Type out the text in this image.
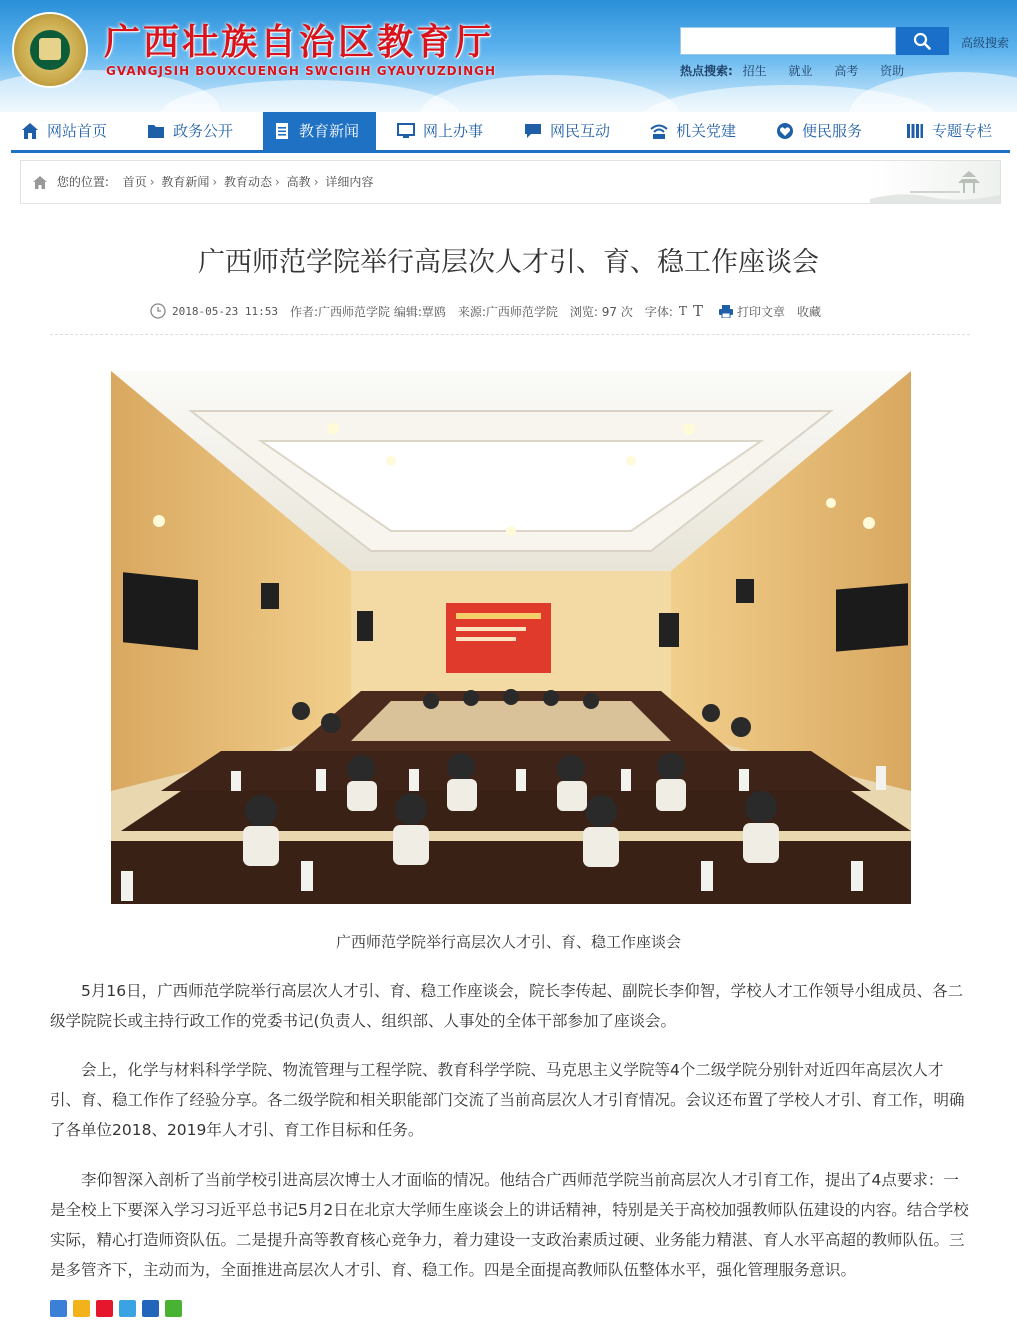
广西壮族自治区教育厅
GVANGJSIH BOUXCUENGH SWCIGIH GYAUYUZDINGH
高级搜索
热点搜索: 招生 就业 高考 资助
网站首页	政务公开	教育新闻	网上办事	网民互动	机关党建	便民服务	专题专栏
您的位置: 首页 › 教育新闻 › 教育动态 › 高教 › 详细内容
广西师范学院举行高层次人才引、育、稳工作座谈会
2018-05-23 11:53 作者:广西师范学院 编辑:覃鸥 来源:广西师范学院 浏览: 97 次 字体: T T	打印文章 收藏
广西师范学院举行高层次人才引、育、稳工作座谈会

5月16日，广西师范学院举行高层次人才引、育、稳工作座谈会，院长李传起、副院长李仰智，学校人才工作领导小组成员、各二级学院院长或主持行政工作的党委书记(负责人、组织部、人事处的全体干部参加了座谈会。

会上，化学与材料科学学院、物流管理与工程学院、教育科学学院、马克思主义学院等4个二级学院分别针对近四年高层次人才引、育、稳工作作了经验分享。各二级学院和相关职能部门交流了当前高层次人才引育情况。会议还布置了学校人才引、育工作，明确了各单位2018、2019年人才引、育工作目标和任务。

李仰智深入剖析了当前学校引进高层次博士人才面临的情况。他结合广西师范学院当前高层次人才引育工作，提出了4点要求：一是全校上下要深入学习习近平总书记5月2日在北京大学师生座谈会上的讲话精神，特别是关于高校加强教师队伍建设的内容。结合学校实际，精心打造师资队伍。二是提升高等教育核心竞争力，着力建设一支政治素质过硬、业务能力精湛、育人水平高超的教师队伍。三是多管齐下，主动而为，全面推进高层次人才引、育、稳工作。四是全面提高教师队伍整体水平，强化管理服务意识。
